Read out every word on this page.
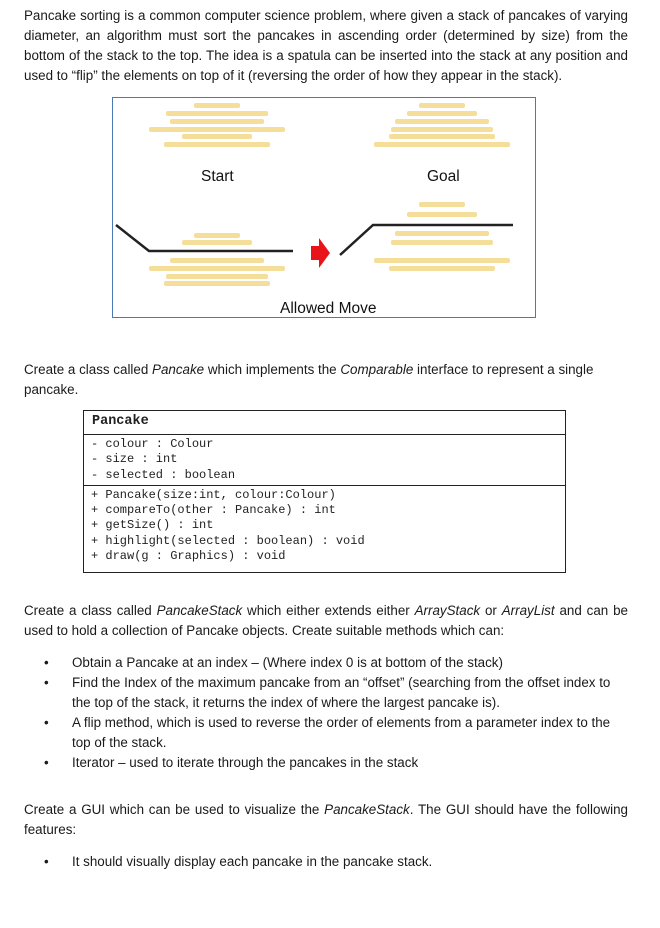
Pancake sorting is a common computer science problem, where given a stack of pancakes of varying diameter, an algorithm must sort the pancakes in ascending order (determined by size) from the bottom of the stack to the top. The idea is a spatula can be inserted into the stack at any position and used to “flip” the elements on top of it (reversing the order of how they appear in the stack).

Start	Goal
Allowed Move

Create a class called Pancake which implements the Comparable interface to represent a single pancake.

Pancake
- colour : Colour
- size : int
- selected : boolean
+ Pancake(size:int, colour:Colour)
+ compareTo(other : Pancake) : int
+ getSize() : int
+ highlight(selected : boolean) : void
+ draw(g : Graphics) : void

Create a class called PancakeStack which either extends either ArrayStack or ArrayList and can be used to hold a collection of Pancake objects. Create suitable methods which can:

• Obtain a Pancake at an index – (Where index 0 is at bottom of the stack)
• Find the Index of the maximum pancake from an “offset” (searching from the offset index to the top of the stack, it returns the index of where the largest pancake is).
• A flip method, which is used to reverse the order of elements from a parameter index to the top of the stack.
• Iterator – used to iterate through the pancakes in the stack

Create a GUI which can be used to visualize the PancakeStack. The GUI should have the following features:

• It should visually display each pancake in the pancake stack.
